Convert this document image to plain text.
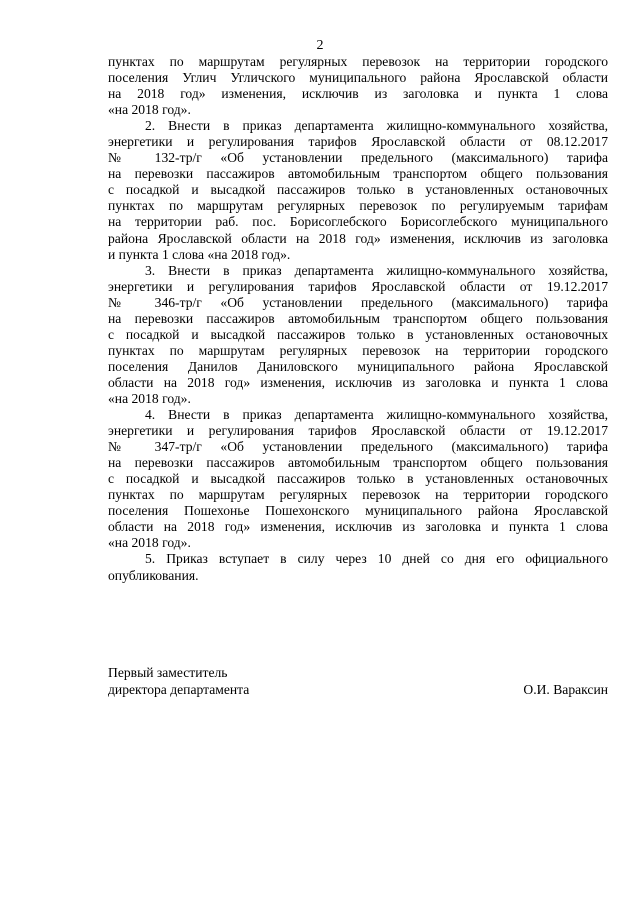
2

пунктах по маршрутам регулярных перевозок на территории городского
поселения Углич Угличского муниципального района Ярославской области
на 2018 год» изменения, исключив из заголовка и пункта 1 слова
«на 2018 год».

2. Внести в приказ департамента жилищно-коммунального хозяйства,
энергетики и регулирования тарифов Ярославской области от 08.12.2017
№ 132-тр/г «Об установлении предельного (максимального) тарифа
на перевозки пассажиров автомобильным транспортом общего пользования
с посадкой и высадкой пассажиров только в установленных остановочных
пунктах по маршрутам регулярных перевозок по регулируемым тарифам
на территории раб. пос. Борисоглебского Борисоглебского муниципального
района Ярославской области на 2018 год» изменения, исключив из заголовка
и пункта 1 слова «на 2018 год».

3. Внести в приказ департамента жилищно-коммунального хозяйства,
энергетики и регулирования тарифов Ярославской области от 19.12.2017
№ 346-тр/г «Об установлении предельного (максимального) тарифа
на перевозки пассажиров автомобильным транспортом общего пользования
с посадкой и высадкой пассажиров только в установленных остановочных
пунктах по маршрутам регулярных перевозок на территории городского
поселения Данилов Даниловского муниципального района Ярославской
области на 2018 год» изменения, исключив из заголовка и пункта 1 слова
«на 2018 год».

4. Внести в приказ департамента жилищно-коммунального хозяйства,
энергетики и регулирования тарифов Ярославской области от 19.12.2017
№ 347-тр/г «Об установлении предельного (максимального) тарифа
на перевозки пассажиров автомобильным транспортом общего пользования
с посадкой и высадкой пассажиров только в установленных остановочных
пунктах по маршрутам регулярных перевозок на территории городского
поселения Пошехонье Пошехонского муниципального района Ярославской
области на 2018 год» изменения, исключив из заголовка и пункта 1 слова
«на 2018 год».

5. Приказ вступает в силу через 10 дней со дня его официального
опубликования.

Первый заместитель
директора департамента	О.И. Вараксин
